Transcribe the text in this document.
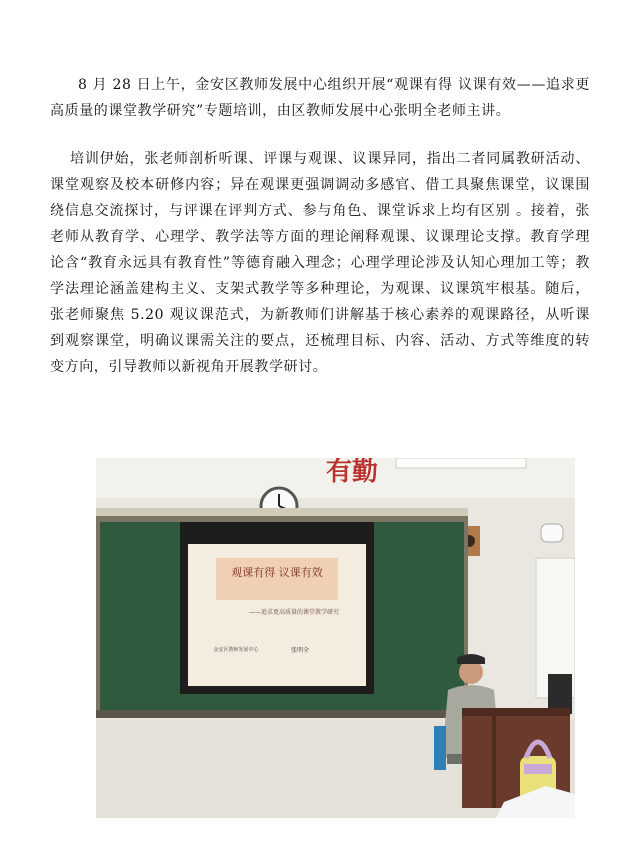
8 月 28 日上午，金安区教师发展中心组织开展“观课有得 议课有效——追求更高质量的课堂教学研究”专题培训，由区教师发展中心张明全老师主讲。

培训伊始，张老师剖析听课、评课与观课、议课异同，指出二者同属教研活动、课堂观察及校本研修内容；异在观课更强调调动多感官、借工具聚焦课堂，议课围绕信息交流探讨，与评课在评判方式、参与角色、课堂诉求上均有区别 。接着，张老师从教育学、心理学、教学法等方面的理论阐释观课、议课理论支撑。教育学理论含“教育永远具有教育性”等德育融入理念；心理学理论涉及认知心理加工等；教学法理论涵盖建构主义、支架式教学等多种理论，为观课、议课筑牢根基。随后，张老师聚焦 5.20 观议课范式，为新教师们讲解基于核心素养的观课路径，从听课到观察课堂，明确议课需关注的要点，还梳理目标、内容、活动、方式等维度的转变方向，引导教师以新视角开展教学研讨。

有勤
观课有得 议课有效
——追求更高质量的课堂教学研究
金安区教师发展中心	张明全
